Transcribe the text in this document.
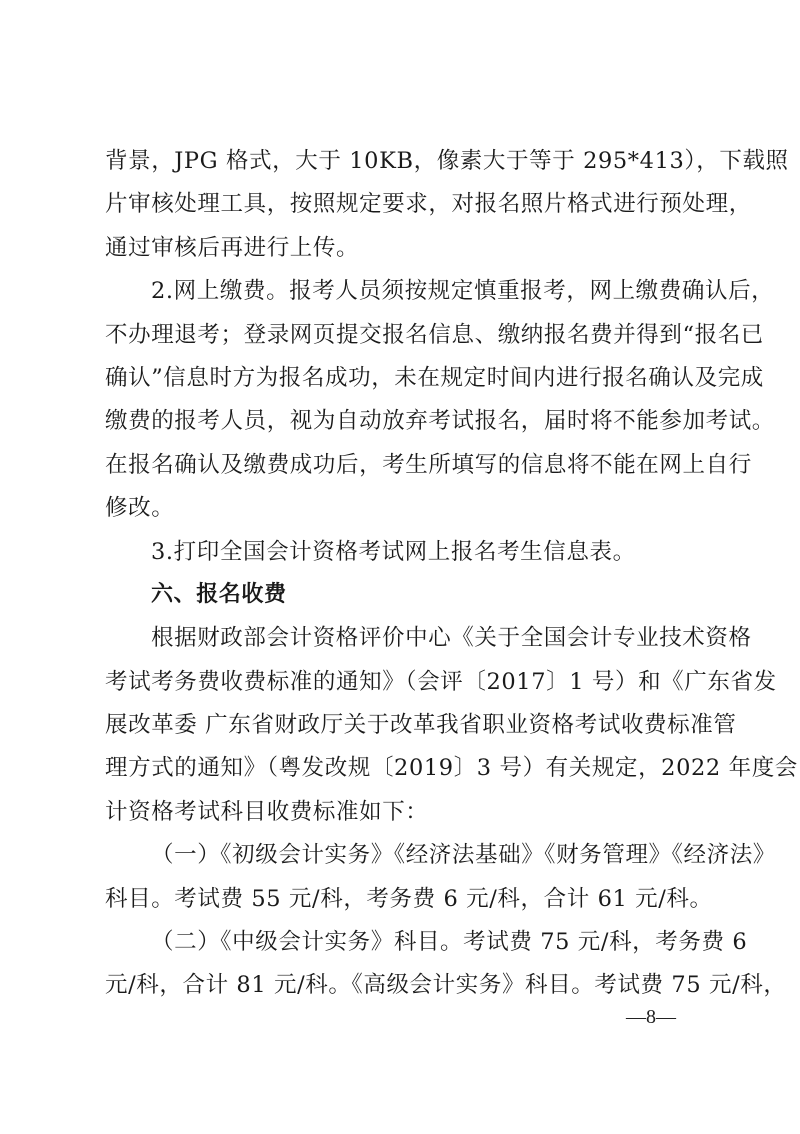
背景，JPG 格式，大于 10KB，像素大于等于 295*413），下载照
片审核处理工具，按照规定要求，对报名照片格式进行预处理，
通过审核后再进行上传。
2.网上缴费。报考人员须按规定慎重报考，网上缴费确认后，
不办理退考；登录网页提交报名信息、缴纳报名费并得到“报名已
确认”信息时方为报名成功，未在规定时间内进行报名确认及完成
缴费的报考人员，视为自动放弃考试报名，届时将不能参加考试。
在报名确认及缴费成功后，考生所填写的信息将不能在网上自行
修改。
3.打印全国会计资格考试网上报名考生信息表。
六、报名收费
根据财政部会计资格评价中心《关于全国会计专业技术资格
考试考务费收费标准的通知》（会评〔2017〕1 号）和《广东省发
展改革委 广东省财政厅关于改革我省职业资格考试收费标准管
理方式的通知》（粤发改规〔2019〕3 号）有关规定，2022 年度会
计资格考试科目收费标准如下：
（一）《初级会计实务》《经济法基础》《财务管理》《经济法》
科目。考试费 55 元/科，考务费 6 元/科，合计 61 元/科。
（二）《中级会计实务》科目。考试费 75 元/科，考务费 6
元/科，合计 81 元/科。《高级会计实务》科目。考试费 75 元/科，
—8—
